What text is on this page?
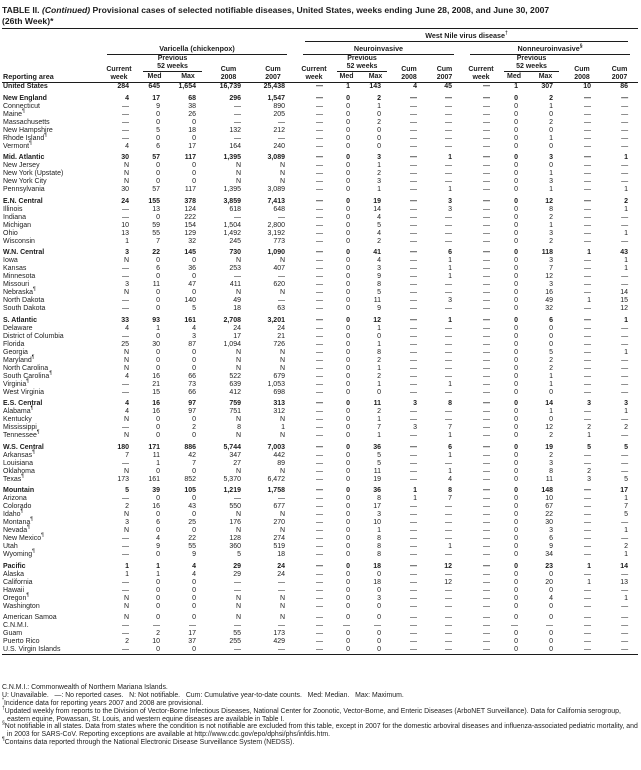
TABLE II. (Continued) Provisional cases of selected notifiable diseases, United States, weeks ending June 28, 2008, and June 30, 2007
(26th Week)*

						West Nile virus disease†

	Varicella (chickenpox)					Neuroinvasive					Nonneuroinvasive§

Reporting area

Current
week

Previous
52 weeks	Cum
2008

Cum
2007

Current
week

Previous
52 weeks	Cum
2008

Cum
2007

Current
week

Previous
52 weeks	Cum
2008

Cum
2007

		Med	Max				Med	Max				Med	Max		
United States	284	645	1,654	16,739	25,438	—	1	143	4	45	—	1	307	10	86
New England	4	17	68	296	1,547	—	0	2	—	—	—	0	2	—	—
Connecticut	—	9	38	—	890	—	0	1	—	—	—	0	1	—	—
Maine¶	—	0	26	—	205	—	0	0	—	—	—	0	0	—	—
Massachusetts	—	0	0	—	—	—	0	2	—	—	—	0	2	—	—
New Hampshire	—	5	18	132	212	—	0	0	—	—	—	0	0	—	—
Rhode Island¶	—	0	0	—	—	—	0	0	—	—	—	0	1	—	—
Vermont¶	4	6	17	164	240	—	0	0	—	—	—	0	0	—	—
Mid. Atlantic	30	57	117	1,395	3,089	—	0	3	—	1	—	0	3	—	1
New Jersey	N	0	0	N	N	—	0	1	—	—	—	0	0	—	—
New York (Upstate)	N	0	0	N	N	—	0	2	—	—	—	0	1	—	—
New York City	N	0	0	N	N	—	0	3	—	—	—	0	3	—	—
Pennsylvania	30	57	117	1,395	3,089	—	0	1	—	1	—	0	1	—	1
E.N. Central	24	155	378	3,859	7,413	—	0	19	—	3	—	0	12	—	2
Illinois	—	13	124	618	648	—	0	14	—	3	—	0	8	—	1
Indiana	—	0	222	—	—	—	0	4	—	—	—	0	2	—	—
Michigan	10	59	154	1,504	2,800	—	0	5	—	—	—	0	1	—	—
Ohio	13	55	129	1,492	3,192	—	0	4	—	—	—	0	3	—	1
Wisconsin	1	7	32	245	773	—	0	2	—	—	—	0	2	—	—
W.N. Central	3	22	145	730	1,090	—	0	41	—	6	—	0	118	1	43
Iowa	N	0	0	N	N	—	0	4	—	1	—	0	3	—	1
Kansas	—	6	36	253	407	—	0	3	—	1	—	0	7	—	1
Minnesota	—	0	0	—	—	—	0	9	—	1	—	0	12	—	—
Missouri	3	11	47	411	620	—	0	8	—	—	—	0	3	—	—
Nebraska¶	N	0	0	N	N	—	0	5	—	—	—	0	16	—	14
North Dakota	—	0	140	49	—	—	0	11	—	3	—	0	49	1	15
South Dakota	—	0	5	18	63	—	0	9	—	—	—	0	32	—	12
S. Atlantic	33	93	161	2,708	3,201	—	0	12	—	1	—	0	6	—	1
Delaware	4	1	4	24	24	—	0	1	—	—	—	0	0	—	—
District of Columbia	—	0	3	17	21	—	0	0	—	—	—	0	0	—	—
Florida	25	30	87	1,094	726	—	0	1	—	—	—	0	0	—	—
Georgia	N	0	0	N	N	—	0	8	—	—	—	0	5	—	1
Maryland¶	N	0	0	N	N	—	0	2	—	—	—	0	2	—	—
North Carolina	N	0	0	N	N	—	0	1	—	—	—	0	2	—	—
South Carolina¶	4	16	66	522	679	—	0	2	—	—	—	0	1	—	—
Virginia¶	—	21	73	639	1,053	—	0	1	—	1	—	0	1	—	—
West Virginia	—	15	66	412	698	—	0	0	—	—	—	0	0	—	—
E.S. Central	4	16	97	759	313	—	0	11	3	8	—	0	14	3	3
Alabama¶	4	16	97	751	312	—	0	2	—	—	—	0	1	—	1
Kentucky	N	0	0	N	N	—	0	1	—	—	—	0	0	—	—
Mississippi	—	0	2	8	1	—	0	7	3	7	—	0	12	2	2
Tennessee¶	N	0	0	N	N	—	0	1	—	1	—	0	2	1	—
W.S. Central	180	171	886	5,744	7,003	—	0	36	—	6	—	0	19	5	5
Arkansas¶	7	11	42	347	442	—	0	5	—	1	—	0	2	—	—
Louisiana	—	1	7	27	89	—	0	5	—	—	—	0	3	—	—
Oklahoma	N	0	0	N	N	—	0	11	—	1	—	0	8	2	—
Texas¶	173	161	852	5,370	6,472	—	0	19	—	4	—	0	11	3	5
Mountain	5	39	105	1,219	1,758	—	0	36	1	8	—	0	148	—	17
Arizona	—	0	0	—	—	—	0	8	1	7	—	0	10	—	1
Colorado	2	16	43	550	677	—	0	17	—	—	—	0	67	—	7
Idaho¶	N	0	0	N	N	—	0	3	—	—	—	0	22	—	5
Montana¶	3	6	25	176	270	—	0	10	—	—	—	0	30	—	—
Nevada¶	N	0	0	N	N	—	0	1	—	—	—	0	3	—	1
New Mexico¶	—	4	22	128	274	—	0	8	—	—	—	0	6	—	—
Utah	—	9	55	360	519	—	0	8	—	1	—	0	9	—	2
Wyoming¶	—	0	9	5	18	—	0	8	—	—	—	0	34	—	1
Pacific	1	1	4	29	24	—	0	18	—	12	—	0	23	1	14
Alaska	1	1	4	29	24	—	0	0	—	—	—	0	0	—	—
California	—	0	0	—	—	—	0	18	—	12	—	0	20	1	13
Hawaii	—	0	0	—	—	—	0	0	—	—	—	0	0	—	—
Oregon¶	N	0	0	N	N	—	0	3	—	—	—	0	4	—	1
Washington	N	0	0	N	N	—	0	0	—	—	—	0	0	—	—
American Samoa	N	0	0	N	N	—	0	0	—	—	—	0	0	—	—
C.N.M.I.	—	—	—	—	—	—	—	—	—	—	—	—	—	—	—
Guam	—	2	17	55	173	—	0	0	—	—	—	0	0	—	—
Puerto Rico	2	10	37	255	429	—	0	0	—	—	—	0	0	—	—
U.S. Virgin Islands	—	0	0	—	—	—	0	0	—	—	—	0	0	—	—
C.N.M.I.: Commonwealth of Northern Mariana Islands.
U: Unavailable.   —: No reported cases.   N: Not notifiable.   Cum: Cumulative year-to-date counts.   Med: Median.   Max: Maximum.
*Incidence data for reporting years 2007 and 2008 are provisional.
†Updated weekly from reports to the Division of Vector-Borne Infectious Diseases, National Center for Zoonotic, Vector-Borne, and Enteric Diseases (ArboNET Surveillance). Data for California serogroup, eastern equine, Powassan, St. Louis, and western equine diseases are available in Table I.
§Not notifiable in all states. Data from states where the condition is not notifiable are excluded from this table, except in 2007 for the domestic arboviral diseases and influenza-associated pediatric mortality, and in 2003 for SARS-CoV. Reporting exceptions are available at http://www.cdc.gov/epo/dphsi/phs/infdis.htm.
¶Contains data reported through the National Electronic Disease Surveillance System (NEDSS).
